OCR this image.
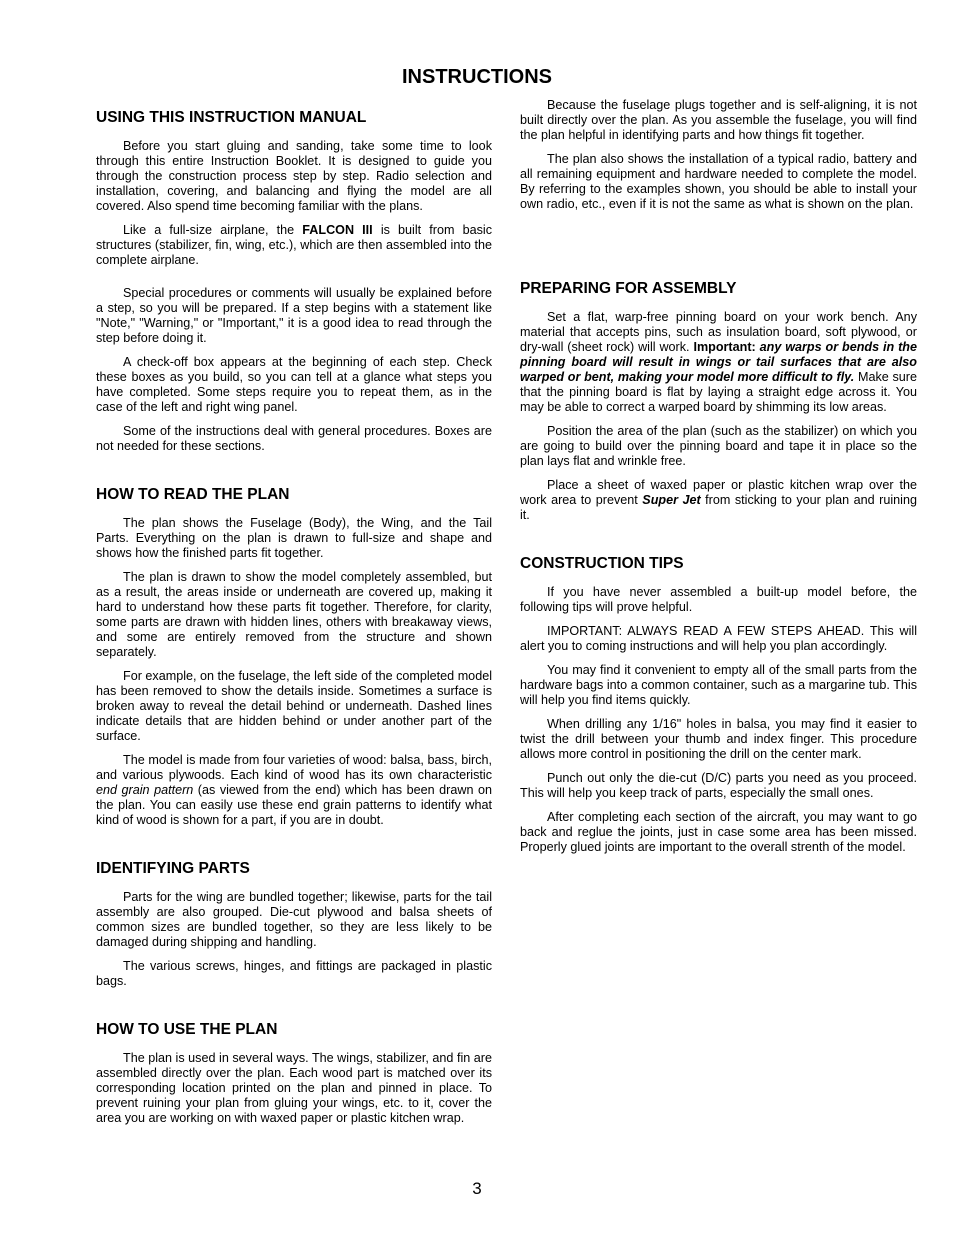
INSTRUCTIONS
USING THIS INSTRUCTION MANUAL

Before you start gluing and sanding, take some time to look through this entire Instruction Booklet. It is designed to guide you through the construction process step by step. Radio selection and installation, covering, and balancing and flying the model are all covered. Also spend time becoming familiar with the plans.

Like a full-size airplane, the FALCON III is built from basic structures (stabilizer, fin, wing, etc.), which are then assembled into the complete airplane.

Special procedures or comments will usually be explained before a step, so you will be prepared. If a step begins with a statement like "Note," "Warning," or "Important," it is a good idea to read through the step before doing it.

A check-off box appears at the beginning of each step. Check these boxes as you build, so you can tell at a glance what steps you have completed. Some steps require you to repeat them, as in the case of the left and right wing panel.

Some of the instructions deal with general procedures. Boxes are not needed for these sections.

HOW TO READ THE PLAN

The plan shows the Fuselage (Body), the Wing, and the Tail Parts. Everything on the plan is drawn to full-size and shape and shows how the finished parts fit together.

The plan is drawn to show the model completely assembled, but as a result, the areas inside or underneath are covered up, making it hard to understand how these parts fit together. Therefore, for clarity, some parts are drawn with hidden lines, others with breakaway views, and some are entirely removed from the structure and shown separately.

For example, on the fuselage, the left side of the completed model has been removed to show the details inside. Sometimes a surface is broken away to reveal the detail behind or underneath. Dashed lines indicate details that are hidden behind or under another part of the surface.

The model is made from four varieties of wood: balsa, bass, birch, and various plywoods. Each kind of wood has its own characteristic end grain pattern (as viewed from the end) which has been drawn on the plan. You can easily use these end grain patterns to identify what kind of wood is shown for a part, if you are in doubt.

IDENTIFYING PARTS

Parts for the wing are bundled together; likewise, parts for the tail assembly are also grouped. Die-cut plywood and balsa sheets of common sizes are bundled together, so they are less likely to be damaged during shipping and handling.

The various screws, hinges, and fittings are packaged in plastic bags.

HOW TO USE THE PLAN

The plan is used in several ways. The wings, stabilizer, and fin are assembled directly over the plan. Each wood part is matched over its corresponding location printed on the plan and pinned in place. To prevent ruining your plan from gluing your wings, etc. to it, cover the area you are working on with waxed paper or plastic kitchen wrap.

Because the fuselage plugs together and is self-aligning, it is not built directly over the plan. As you assemble the fuselage, you will find the plan helpful in identifying parts and how things fit together.

The plan also shows the installation of a typical radio, battery and all remaining equipment and hardware needed to complete the model. By referring to the examples shown, you should be able to install your own radio, etc., even if it is not the same as what is shown on the plan.

PREPARING FOR ASSEMBLY

Set a flat, warp-free pinning board on your work bench. Any material that accepts pins, such as insulation board, soft plywood, or dry-wall (sheet rock) will work. Important: any warps or bends in the pinning board will result in wings or tail surfaces that are also warped or bent, making your model more difficult to fly. Make sure that the pinning board is flat by laying a straight edge across it. You may be able to correct a warped board by shimming its low areas.

Position the area of the plan (such as the stabilizer) on which you are going to build over the pinning board and tape it in place so the plan lays flat and wrinkle free.

Place a sheet of waxed paper or plastic kitchen wrap over the work area to prevent Super Jet from sticking to your plan and ruining it.

CONSTRUCTION TIPS

If you have never assembled a built-up model before, the following tips will prove helpful.

IMPORTANT: ALWAYS READ A FEW STEPS AHEAD. This will alert you to coming instructions and will help you plan accordingly.

You may find it convenient to empty all of the small parts from the hardware bags into a common container, such as a margarine tub. This will help you find items quickly.

When drilling any 1/16" holes in balsa, you may find it easier to twist the drill between your thumb and index finger. This procedure allows more control in positioning the drill on the center mark.

Punch out only the die-cut (D/C) parts you need as you proceed. This will help you keep track of parts, especially the small ones.

After completing each section of the aircraft, you may want to go back and reglue the joints, just in case some area has been missed. Properly glued joints are important to the overall strenth of the model.

3
